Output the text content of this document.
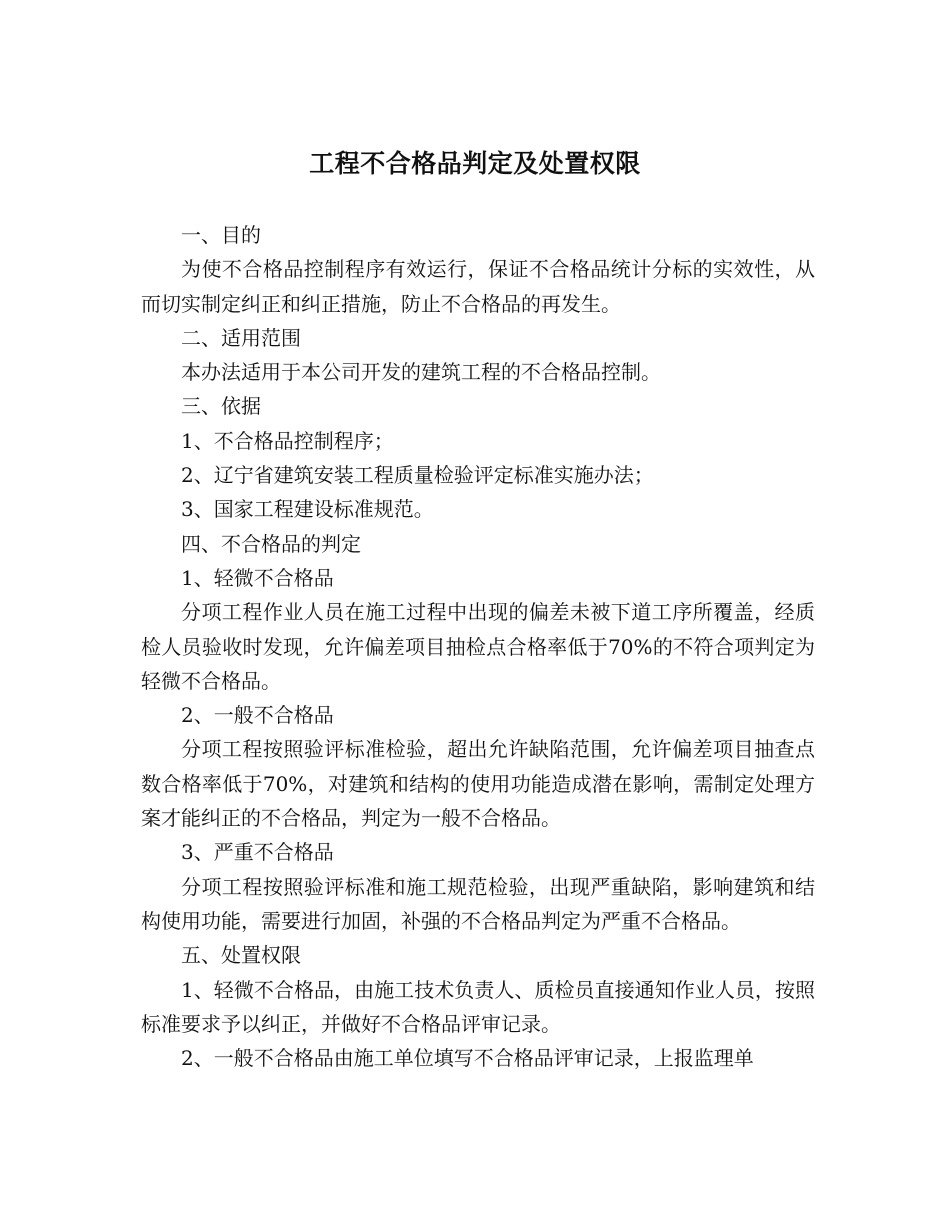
工程不合格品判定及处置权限

一、目的

为使不合格品控制程序有效运行，保证不合格品统计分标的实效性，从而切实制定纠正和纠正措施，防止不合格品的再发生。

二、适用范围

本办法适用于本公司开发的建筑工程的不合格品控制。

三、依据

1、不合格品控制程序；

2、辽宁省建筑安装工程质量检验评定标准实施办法；

3、国家工程建设标准规范。

四、不合格品的判定

1、轻微不合格品

分项工程作业人员在施工过程中出现的偏差未被下道工序所覆盖，经质检人员验收时发现，允许偏差项目抽检点合格率低于70%的不符合项判定为轻微不合格品。

2、一般不合格品

分项工程按照验评标准检验，超出允许缺陷范围，允许偏差项目抽查点数合格率低于70%，对建筑和结构的使用功能造成潜在影响，需制定处理方案才能纠正的不合格品，判定为一般不合格品。

3、严重不合格品

分项工程按照验评标准和施工规范检验，出现严重缺陷，影响建筑和结构使用功能，需要进行加固，补强的不合格品判定为严重不合格品。

五、处置权限

1、轻微不合格品，由施工技术负责人、质检员直接通知作业人员，按照标准要求予以纠正，并做好不合格品评审记录。

2、一般不合格品由施工单位填写不合格品评审记录，上报监理单
